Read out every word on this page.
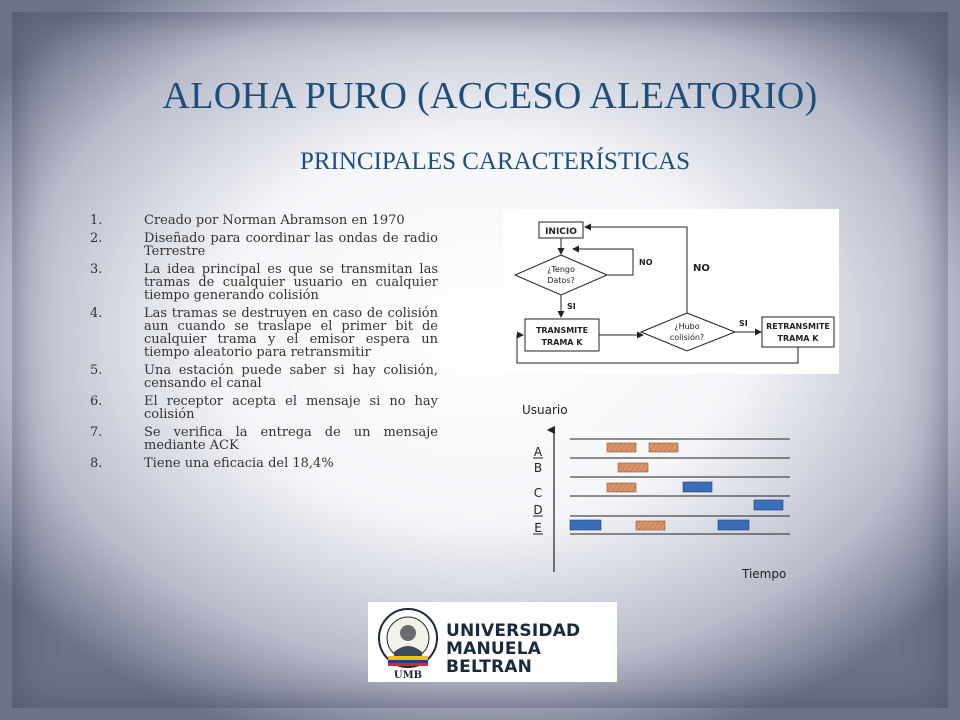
ALOHA PURO (ACCESO ALEATORIO)
PRINCIPALES CARACTERÍSTICAS
1.	Creado por Norman Abramson en 1970
2.	Diseñado para coordinar las ondas de radio Terrestre
3.	La idea principal es que se transmitan las tramas de cualquier usuario en cualquier tiempo generando colisión
4.	Las tramas se destruyen en caso de colisión aun cuando se traslape el primer bit de cualquier trama y el emisor espera un tiempo aleatorio para retransmitir
5.	Una estación puede saber si hay colisión, censando el canal
6.	El receptor acepta el mensaje si no hay colisión
7.	Se verifica la entrega de un mensaje mediante ACK
8.	Tiene una eficacia del 18,4%
INICIO
¿Tengo
Datos?
NO
SI
TRANSMITE
TRAMA K
¿Hubo
colisión?
NO
SI RETRANSMITE
TRAMA K
Usuario
Tiempo
A
B
C
D
E
UMB
UNIVERSIDAD
MANUELA BELTRAN
